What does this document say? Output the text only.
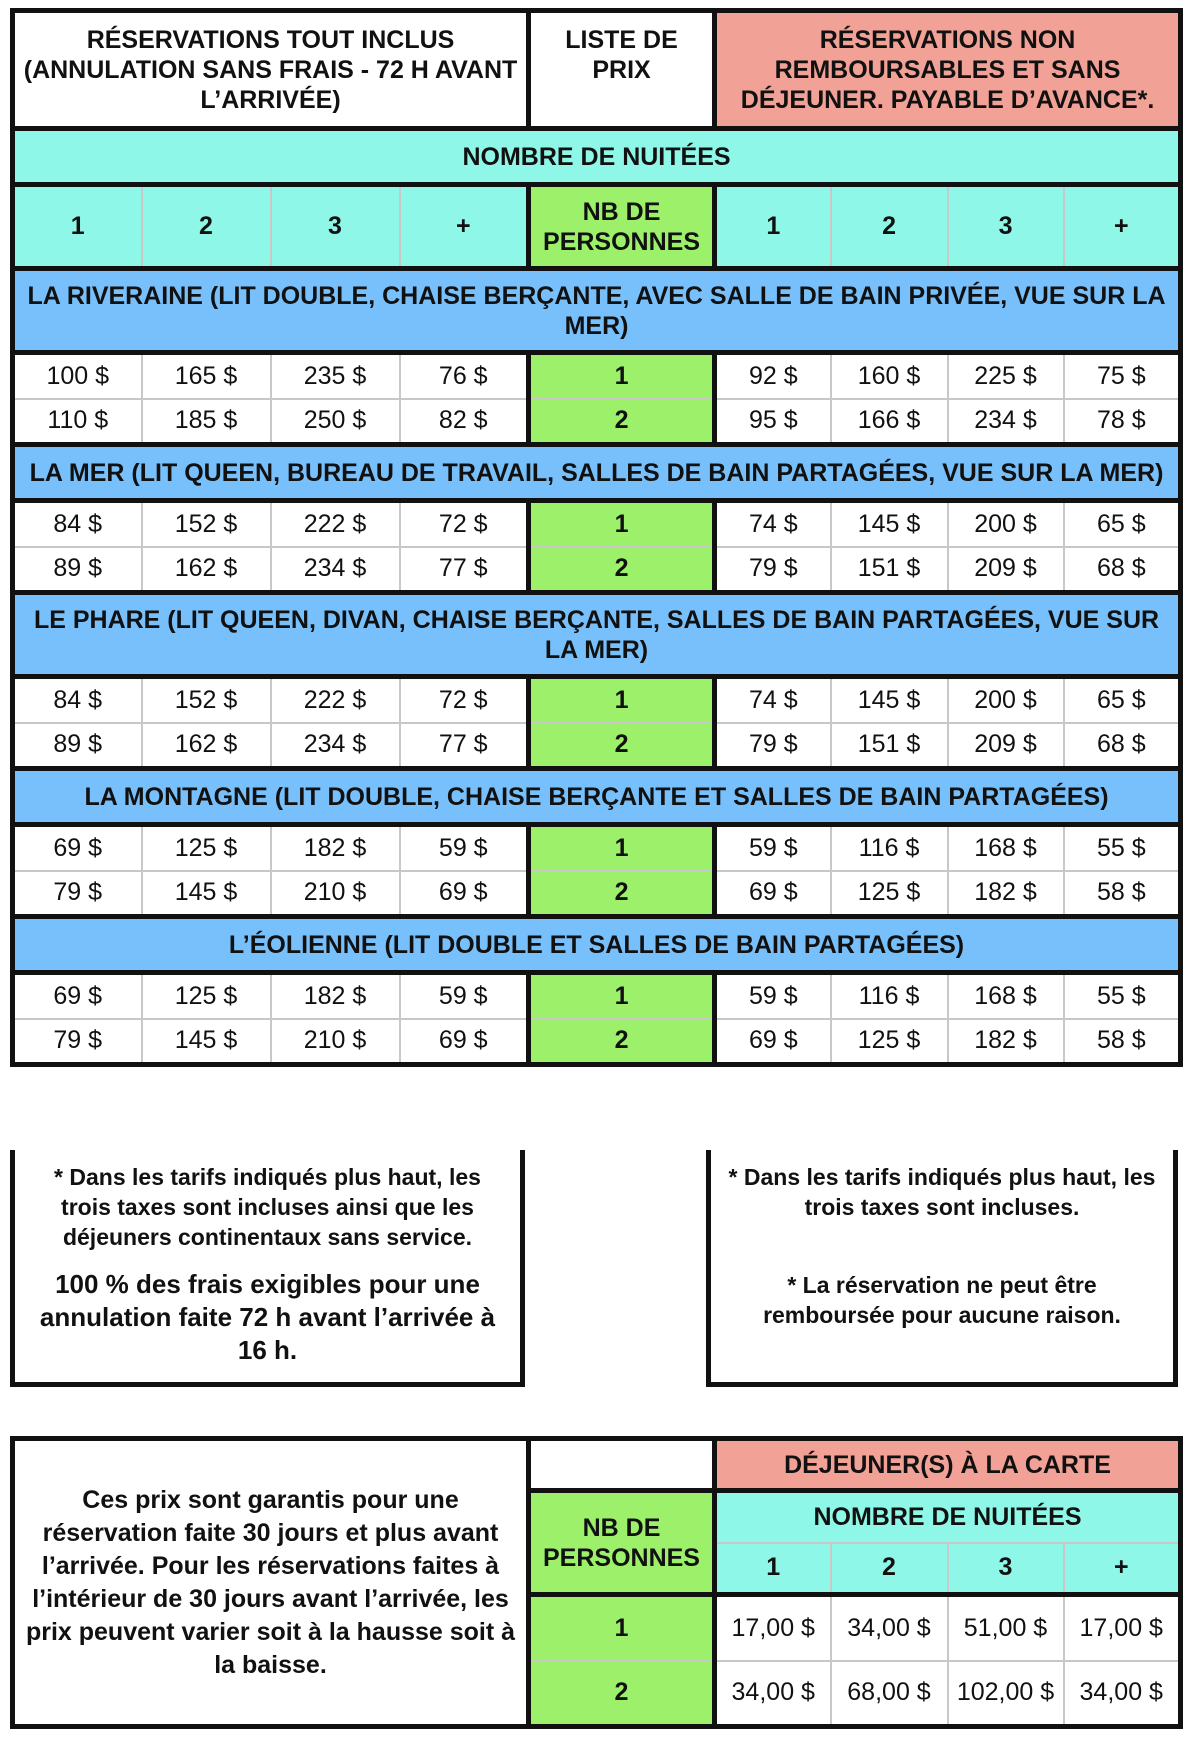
RÉSERVATIONS TOUT INCLUS (ANNULATION SANS FRAIS - 72 H AVANT L’ARRIVÉE)				LISTE DE PRIX	RÉSERVATIONS NON REMBOURSABLES ET SANS DÉJEUNER. PAYABLE D’AVANCE*.			
NOMBRE DE NUITÉES								
1	2	3	+	NB DE PERSONNES	1	2	3	+
LA RIVERAINE (LIT DOUBLE, CHAISE BERÇANTE, AVEC SALLE DE BAIN PRIVÉE, VUE SUR LA MER)								
100 $	165 $	235 $	76 $	1	92 $	160 $	225 $	75 $
110 $	185 $	250 $	82 $	2	95 $	166 $	234 $	78 $
LA MER (LIT QUEEN, BUREAU DE TRAVAIL, SALLES DE BAIN PARTAGÉES, VUE SUR LA MER)								
84 $	152 $	222 $	72 $	1	74 $	145 $	200 $	65 $
89 $	162 $	234 $	77 $	2	79 $	151 $	209 $	68 $
LE PHARE (LIT QUEEN, DIVAN, CHAISE BERÇANTE, SALLES DE BAIN PARTAGÉES, VUE SUR LA MER)								
84 $	152 $	222 $	72 $	1	74 $	145 $	200 $	65 $
89 $	162 $	234 $	77 $	2	79 $	151 $	209 $	68 $
LA MONTAGNE (LIT DOUBLE, CHAISE BERÇANTE ET SALLES DE BAIN PARTAGÉES)								
69 $	125 $	182 $	59 $	1	59 $	116 $	168 $	55 $
79 $	145 $	210 $	69 $	2	69 $	125 $	182 $	58 $
L’ÉOLIENNE (LIT DOUBLE ET SALLES DE BAIN PARTAGÉES)								
69 $	125 $	182 $	59 $	1	59 $	116 $	168 $	55 $
79 $	145 $	210 $	69 $	2	69 $	125 $	182 $	58 $
* Dans les tarifs indiqués plus haut, les trois taxes sont incluses ainsi que les déjeuners continentaux sans service.
100 % des frais exigibles pour une annulation faite 72 h avant l’arrivée à 16 h.
* Dans les tarifs indiqués plus haut, les trois taxes sont incluses.
* La réservation ne peut être remboursée pour aucune raison.
Ces prix sont garantis pour une réservation faite 30 jours et plus avant l’arrivée. Pour les réservations faites à l’intérieur de 30 jours avant l’arrivée, les prix peuvent varier soit à la hausse soit à la baisse.		DÉJEUNER(S) À LA CARTE			
	NB DE PERSONNES	NOMBRE DE NUITÉES			
		1	2	3	+
	1	17,00 $	34,00 $	51,00 $	17,00 $
	2	34,00 $	68,00 $	102,00 $	34,00 $
